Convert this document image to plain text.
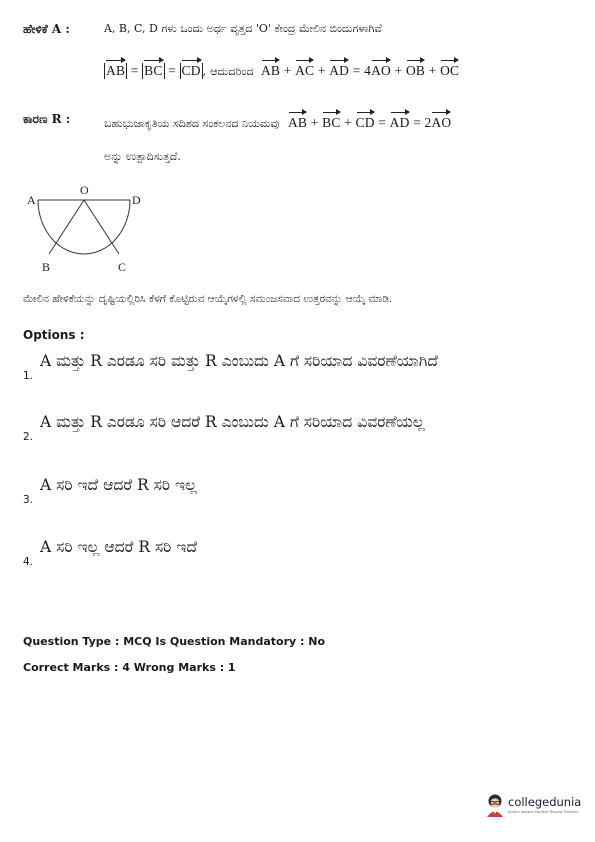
ಹೇಳಿಕೆ A :	A, B, C, D ಗಳು ಒಂದು ಅರ್ಧ ವೃತ್ತದ 'O' ಕೇಂದ್ರ ಮೇಲಿನ ಬಿಂದುಗಳಾಗಿವೆ
AB = BC = CD , ಆದುದರಿಂದ AB + AC + AD = 4AO + OB + OC
ಕಾರಣ R :	ಬಹುಭುಜಾಕೃತಿಯ ಸದಿಶದ ಸಂಕಲನದ ನಿಯಮವು AB + BC + CD = AD = 2AO
ಅನ್ನು ಉತ್ಪಾದಿಸುತ್ತದೆ.
A
O
D
B	C
ಮೇಲಿನ ಹೇಳಿಕೆಯನ್ನು ದೃಷ್ಟಿಯಲ್ಲಿರಿಸಿ ಕೆಳಗೆ ಕೊಟ್ಟಿರುವ ಆಯ್ಕೆಗಳಲ್ಲಿ ಸಮಂಜಸವಾದ ಉತ್ತರವನ್ನು ಆಯ್ಕೆ ಮಾಡಿ.
Options :
1.
A ಮತ್ತು R ಎರಡೂ ಸರಿ ಮತ್ತು R ಎಂಬುದು A ಗೆ ಸರಿಯಾದ ವಿವರಣೆಯಾಗಿದೆ
2.
A ಮತ್ತು R ಎರಡೂ ಸರಿ ಆದರೆ R ಎಂಬುದು A ಗೆ ಸರಿಯಾದ ವಿವರಣೆಯಲ್ಲ
3.
A ಸರಿ ಇದೆ ಆದರೆ R ಸರಿ ಇಲ್ಲ
4.
A ಸರಿ ಇಲ್ಲ ಆದರೆ R ಸರಿ ಇದೆ
Question Type : MCQ Is Question Mandatory : No
Correct Marks : 4 Wrong Marks : 1
collegedunia
India's largest Student Review Platform
